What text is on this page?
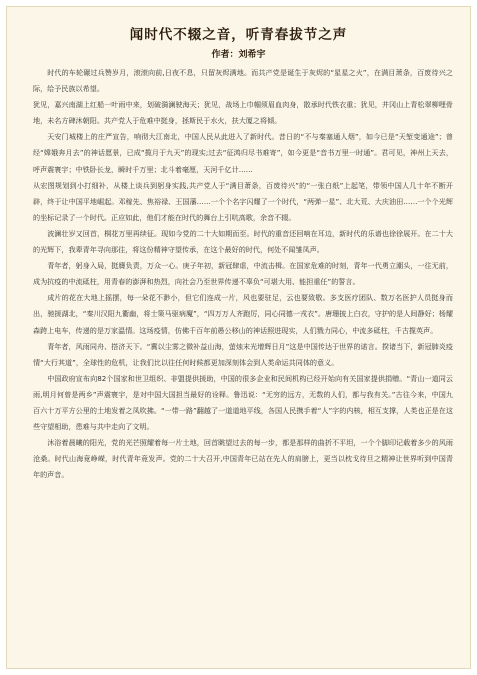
闻时代不辍之音，听青春拔节之声
作者：刘希宇

时代的车轮碾过兵赞岁月，滚滚向前,日夜不息，只留灰烬满地。而共产党是诞生于灰烬的“星星之火”，在满目萧条，百废待兴之际，给予民族以希望。

犹见，嘉兴南湖上红船一叶雨中来，划破漪澜驶海天；犹见，战场上巾帼须眉血肉身，散承时代铁衣重；犹见，井冈山上青松翠柳哩骨地，未名方碑沐朝阳。共产党人于危难中挺身，拯斯民于水火，扶大厦之将倾。

天安门城楼上的庄严宣告，响彻大江南北，中国人民从此进入了新时代。昔日的“不与秦塞通人烟”，如今已是“天堑变通途”；曾经“嫦娥奔月去”的神话愿景，已成“揽月于九天”的现实;过去“征鸿归尽书难寄”，如今更是“音书万里一时通”。君可见，神州上天去，呼声震寰宇；中铁卧长龙，瞬时千万里；北斗着毫厘，天河千亿计……

从宏图规划到小打细补，从楼上谈兵到躬身实践,共产党人于“满目萧条，百废待兴”的“一张白纸”上起笔，带领中国人几十年不断开辟，终于让中国平地崛起。邓稼先、焦裕禄、王国藩……一个个名字闪耀了一个时代，“两弹一星”、北大荒、大庆油田……一个个光辉的坐标记录了一个时代。正应如此，他们才能在时代的舞台上引吭高歌，余音不辍。

波澜壮岁又回首，桐花万里再续征。现如今党的二十大如期而至。时代的重音还回响在耳边，新时代的乐谱也徐徐展开。在二十大的光辉下，我辈青年寻向那往，将这份精神守望传承，在这个最好的时代，何处不闻雏凤声。

青年者，躬身入局，挺膺负责，万众一心。庚子年初，新冠肆虐，中流击楫。在国家危难的时刻，青年一代勇立潮头，一往无前，成为抗疫的中流砥柱，用青春的澎湃和热烈，向社会乃至世界传递不辜负“可堪大用、能担重任”的誓言。

成片的花在大地上摇摆，每一朵花不渺小，但它们连成一片，风也要驻足，云也要致敬。多支医疗团队、数万名医护人员挺身而出，驰援湖北，“秦川汉阳九衢幽，将士策马驱病魔”，“四万万人齐跑厉，同心同德一戎衣”。唐珊披上白衣，守护的是人间静好；杨耀森跨上电车，传递的是万家温情。这场疫情，仿佛千百年前愚公移山的神话照进现实，人们戮力同心，中流多砥柱，千古揽英声。

青年者，风雨同舟、搭济天下。“冀以尘雾之微补益山海，萤烛末光增辉日月”这是中国传达于世界的诺言。揆诸当下，新冠肺炎疫情“大行其道”，全球性的危机，让我们比以往任何时候都更加深刻体会到人类命运共同体的意义。

中国政府宣布向82个国家和世卫组织、非盟提供援助，中国的很多企业和民间机构已经开始向有关国家提供捐赠。“青山一道同云雨,明月何曾是两乡”声震寰宇，是对中国大国担当最好的诠释。鲁迅说：“无穷的远方，无数的人们，都与我有关。”古往今来，中国九百六十万平方公里的土地发着之凤吹拂。“一带一路”翻越了一道道地平线，各国人民携手着“人”字的内核，相互支撑，人类也正是在这些守望相助，患难与共中走向了文明。

沐浴着晨曦的阳光，党的光芒照耀着每一片土地，回首眺望过去的每一步，都是那样的曲折不平坦，一个个脚印记载着多少的风雨沧桑。时代山海竟峥嵘，时代青年竟发声。党的二十大召开,中国青年已站在先人的肩膀上，更当以枕戈待旦之精神让世界听到中国青年的声音。
